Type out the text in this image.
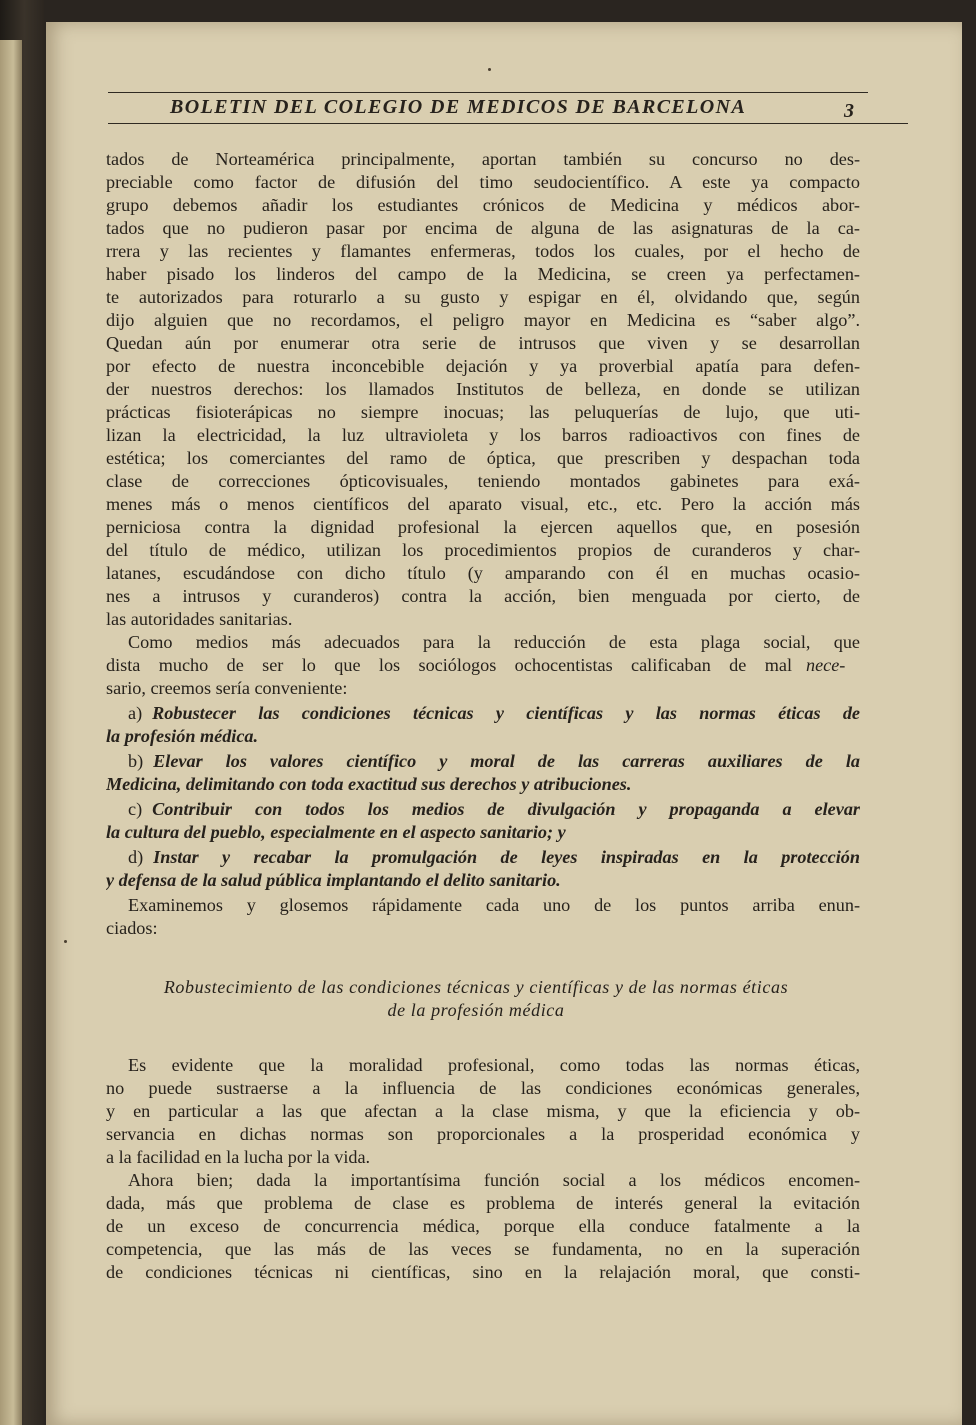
BOLETIN DEL COLEGIO DE MEDICOS DE BARCELONA	3
tados de Norteamérica principalmente, aportan también su concurso no des-
preciable como factor de difusión del timo seudocientífico. A este ya compacto
grupo debemos añadir los estudiantes crónicos de Medicina y médicos abor-
tados que no pudieron pasar por encima de alguna de las asignaturas de la ca-
rrera y las recientes y flamantes enfermeras, todos los cuales, por el hecho de
haber pisado los linderos del campo de la Medicina, se creen ya perfectamen-
te autorizados para roturarlo a su gusto y espigar en él, olvidando que, según
dijo alguien que no recordamos, el peligro mayor en Medicina es “saber algo”.
Quedan aún por enumerar otra serie de intrusos que viven y se desarrollan
por efecto de nuestra inconcebible dejación y ya proverbial apatía para defen-
der nuestros derechos: los llamados Institutos de belleza, en donde se utilizan
prácticas fisioterápicas no siempre inocuas; las peluquerías de lujo, que uti-
lizan la electricidad, la luz ultravioleta y los barros radioactivos con fines de
estética; los comerciantes del ramo de óptica, que prescriben y despachan toda
clase de correcciones ópticovisuales, teniendo montados gabinetes para exá-
menes más o menos científicos del aparato visual, etc., etc. Pero la acción más
perniciosa contra la dignidad profesional la ejercen aquellos que, en posesión
del título de médico, utilizan los procedimientos propios de curanderos y char-
latanes, escudándose con dicho título (y amparando con él en muchas ocasio-
nes a intrusos y curanderos) contra la acción, bien menguada por cierto, de
las autoridades sanitarias.
Como medios más adecuados para la reducción de esta plaga social, que
dista mucho de ser lo que los sociólogos ochocentistas calificaban de mal nece-
sario, creemos sería conveniente:
a) Robustecer las condiciones técnicas y científicas y las normas éticas de
la profesión médica.
b) Elevar los valores científico y moral de las carreras auxiliares de la
Medicina, delimitando con toda exactitud sus derechos y atribuciones.
c) Contribuir con todos los medios de divulgación y propaganda a elevar
la cultura del pueblo, especialmente en el aspecto sanitario; y
d) Instar y recabar la promulgación de leyes inspiradas en la protección
y defensa de la salud pública implantando el delito sanitario.
Examinemos y glosemos rápidamente cada uno de los puntos arriba enun-
ciados:
Robustecimiento de las condiciones técnicas y científicas y de las normas éticas
de la profesión médica
Es evidente que la moralidad profesional, como todas las normas éticas,
no puede sustraerse a la influencia de las condiciones económicas generales,
y en particular a las que afectan a la clase misma, y que la eficiencia y ob-
servancia en dichas normas son proporcionales a la prosperidad económica y
a la facilidad en la lucha por la vida.
Ahora bien; dada la importantísima función social a los médicos encomen-
dada, más que problema de clase es problema de interés general la evitación
de un exceso de concurrencia médica, porque ella conduce fatalmente a la
competencia, que las más de las veces se fundamenta, no en la superación
de condiciones técnicas ni científicas, sino en la relajación moral, que consti-
